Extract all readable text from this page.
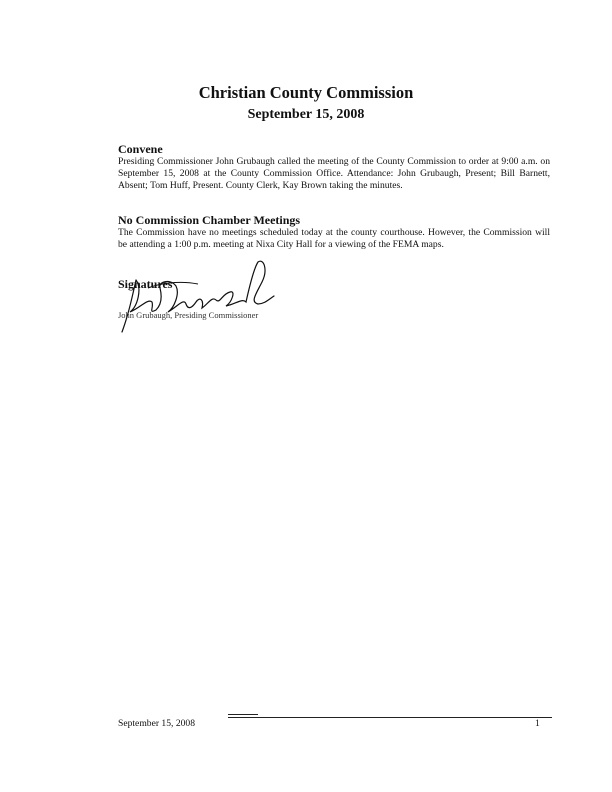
Christian County Commission
September 15, 2008
Convene
Presiding Commissioner John Grubaugh called the meeting of the County Commission to order at 9:00 a.m. on September 15, 2008 at the County Commission Office. Attendance: John Grubaugh, Present; Bill Barnett, Absent; Tom Huff, Present. County Clerk, Kay Brown taking the minutes.
No Commission Chamber Meetings
The Commission have no meetings scheduled today at the county courthouse. However, the Commission will be attending a 1:00 p.m. meeting at Nixa City Hall for a viewing of the FEMA maps.
Signatures
John Grubaugh, Presiding Commissioner
September 15, 2008	1
